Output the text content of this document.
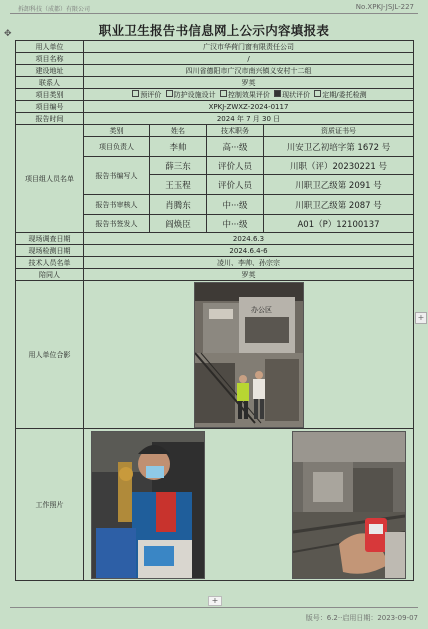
拆卸科技（成都）有限公司	No.XPKJ-JSJL-227
✥	职业卫生报告书信息网上公示内容填报表
用人单位	广汉市华荷门窗有限责任公司			
项目名称	/			
建设地址	四川省德阳市广汉市南兴镇义安村十二组			
联系人	罗英			
项目类别	预评价 防护设施设计 控制效果评价 现状评价 定期/委托检测			
项目编号	XPKJ-ZWXZ-2024-0117			
报告时间	2024 年 7 月 30 日			
项目组人员名单	类别	姓名	技术职务	资质证书号
	项目负责人	李帅	高···级	川安卫乙初培字第 1672 号
	报告书编写人	薛三东	评价人员	川职（评）20230221 号
		王玉程	评价人员	川职卫乙级第 2091 号
	报告书审核人	肖腾东	中···级	川职卫乙级第 2087 号
	报告书签发人	阎焕臣	中···级	A01（P）12100137
现场调查日期	2024.6.3			
现场检测日期	2024.6.4-6			
技术人员名单	凌川、李帅、孙宗宗			
陪同人	罗英			
用人单位合影	办公区			

工作照片	
+
+
版号：6.2··启用日期：2023-09-07
